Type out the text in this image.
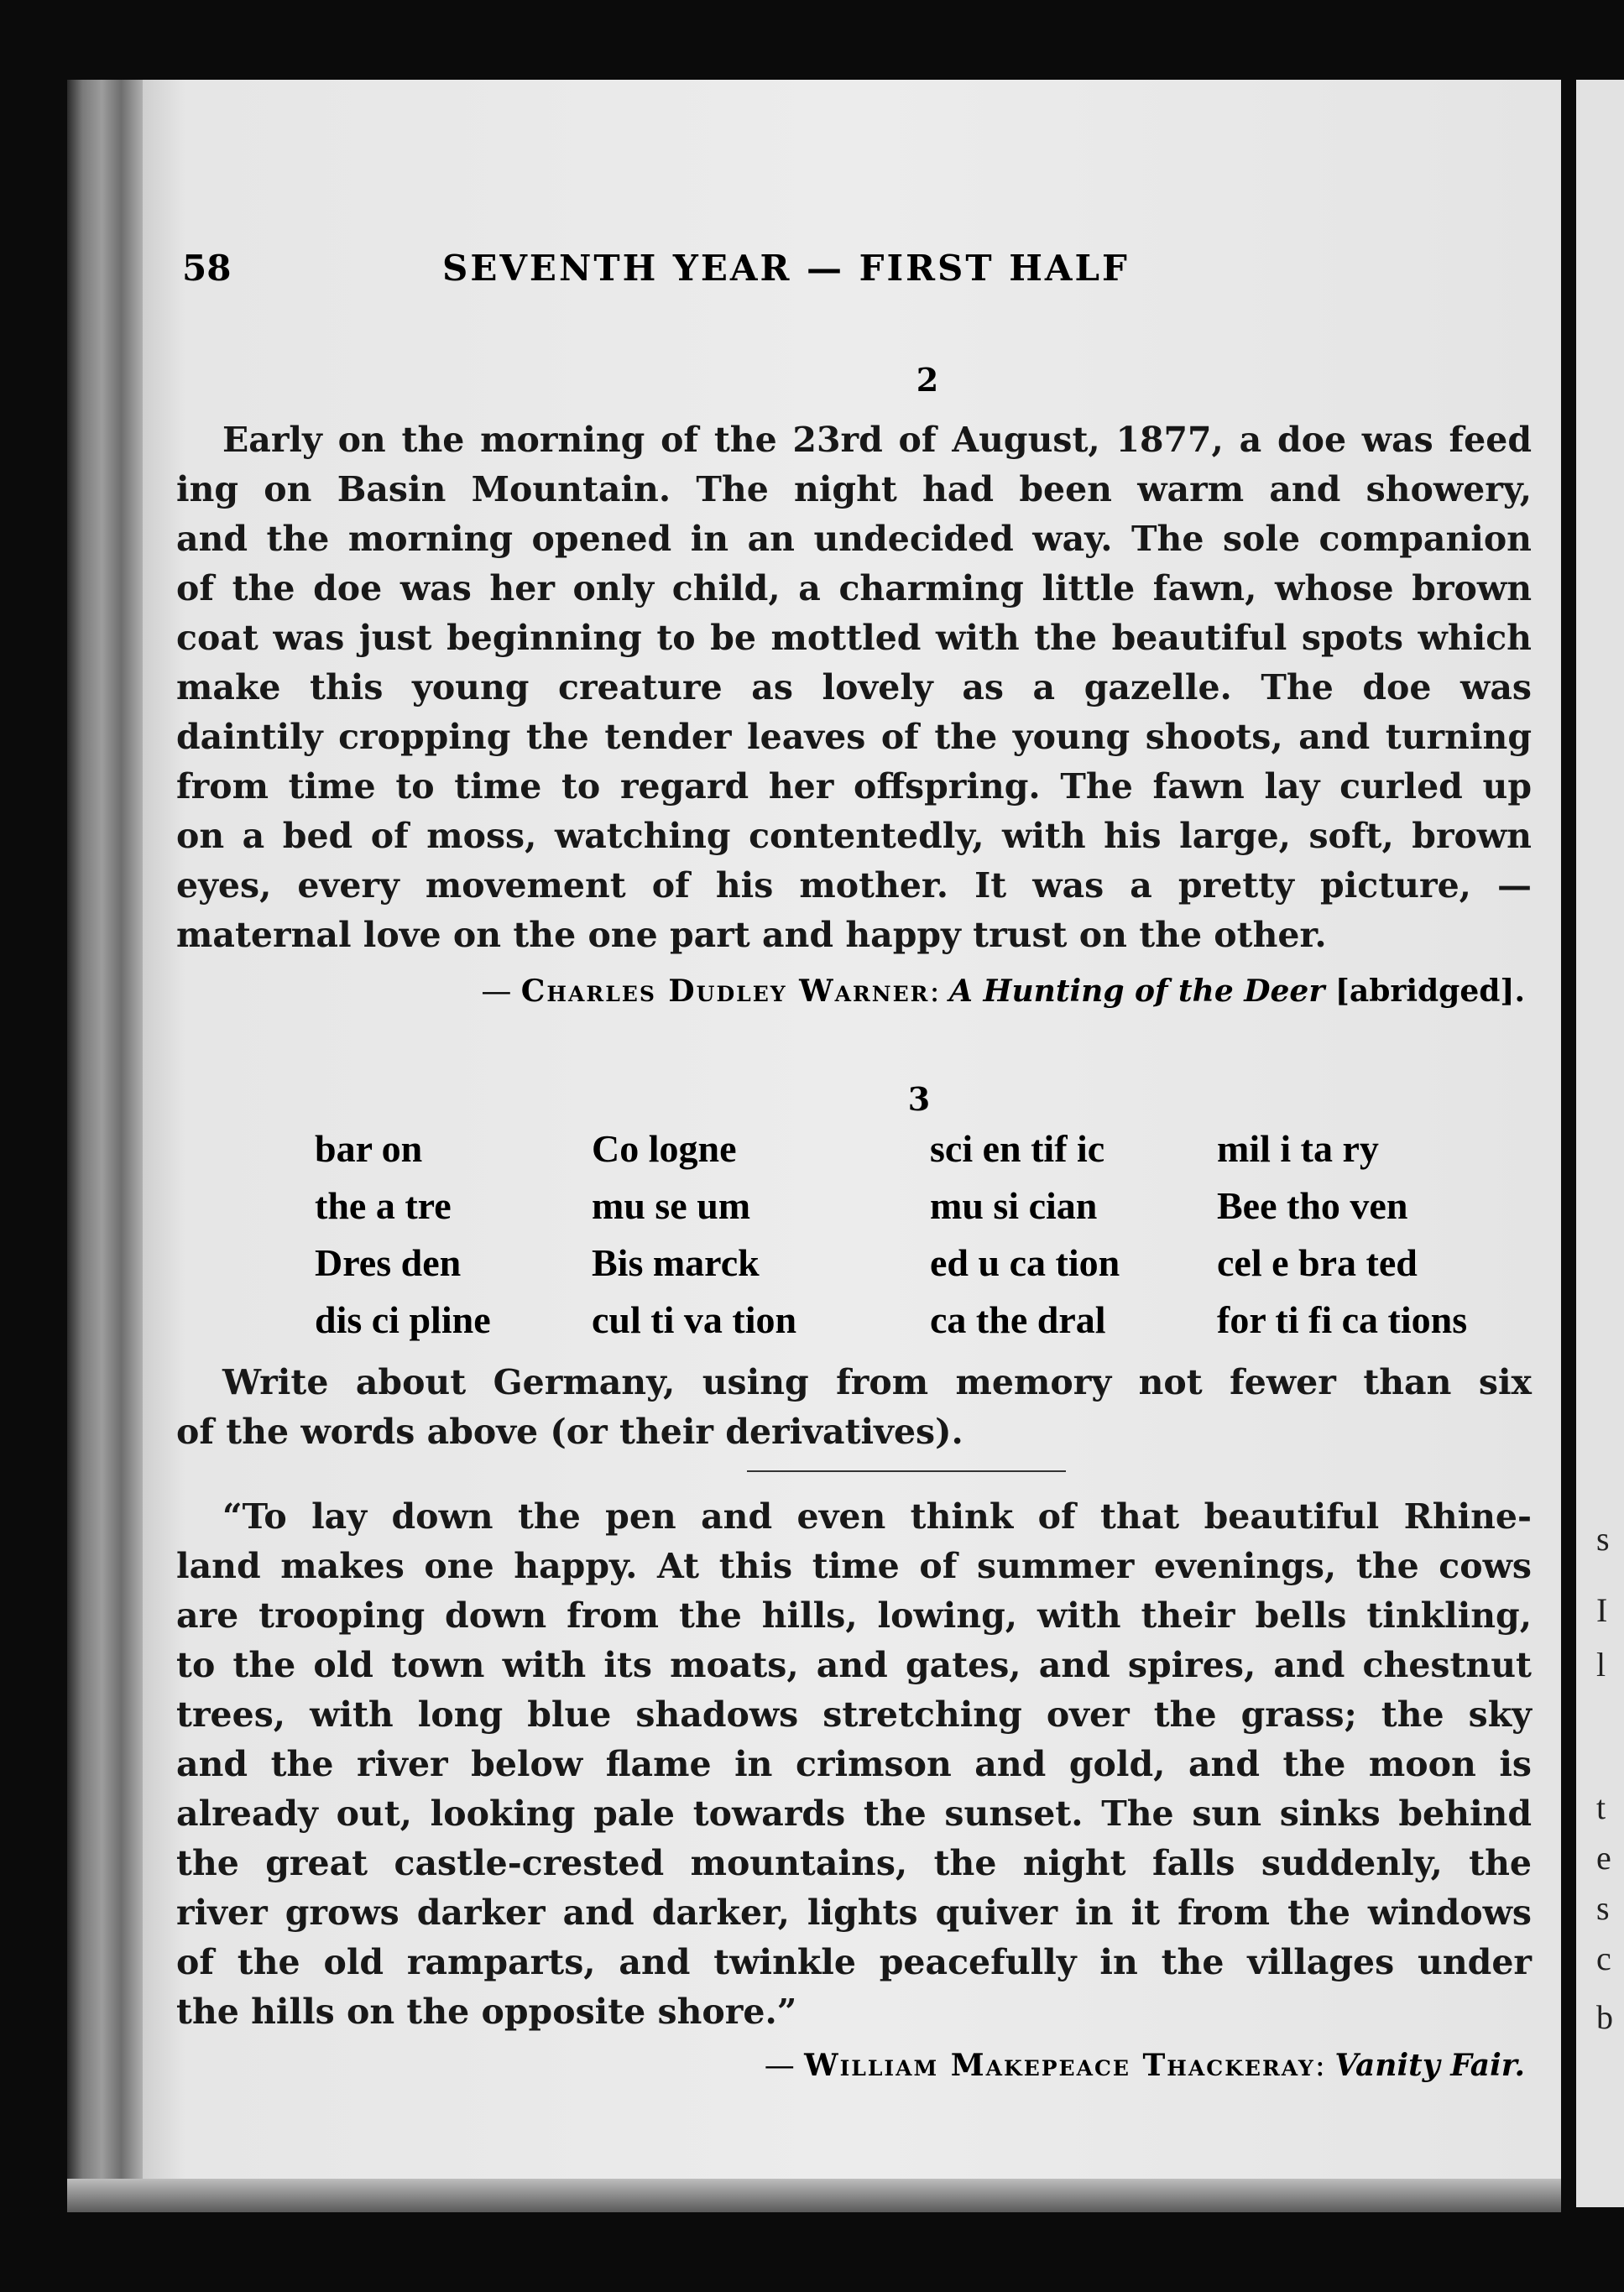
s
I
l
t
e
s
c
b
58	SEVENTH YEAR — FIRST HALF
2
Early on the morning of the 23rd of August, 1877, a doe was feed
ing on Basin Mountain. The night had been warm and showery,
and the morning opened in an undecided way. The sole companion
of the doe was her only child, a charming little fawn, whose brown
coat was just beginning to be mottled with the beautiful spots which
make this young creature as lovely as a gazelle. The doe was
daintily cropping the tender leaves of the young shoots, and turning
from time to time to regard her offspring. The fawn lay curled up
on a bed of moss, watching contentedly, with his large, soft, brown
eyes, every movement of his mother. It was a pretty picture, —
maternal love on the one part and happy trust on the other.
— Charles Dudley Warner: A Hunting of the Deer [abridged].
3
bar on
the a tre
Dres den
dis ci pline
Co logne
mu se um
Bis marck
cul ti va tion
sci en tif ic
mu si cian
ed u ca tion
ca the dral
mil i ta ry
Bee tho ven
cel e bra ted
for ti fi ca tions
Write about Germany, using from memory not fewer than six
of the words above (or their derivatives).
“To lay down the pen and even think of that beautiful Rhine-
land makes one happy. At this time of summer evenings, the cows
are trooping down from the hills, lowing, with their bells tinkling,
to the old town with its moats, and gates, and spires, and chestnut
trees, with long blue shadows stretching over the grass; the sky
and the river below flame in crimson and gold, and the moon is
already out, looking pale towards the sunset. The sun sinks behind
the great castle-crested mountains, the night falls suddenly, the
river grows darker and darker, lights quiver in it from the windows
of the old ramparts, and twinkle peacefully in the villages under
the hills on the opposite shore.”
— William Makepeace Thackeray: Vanity Fair.
